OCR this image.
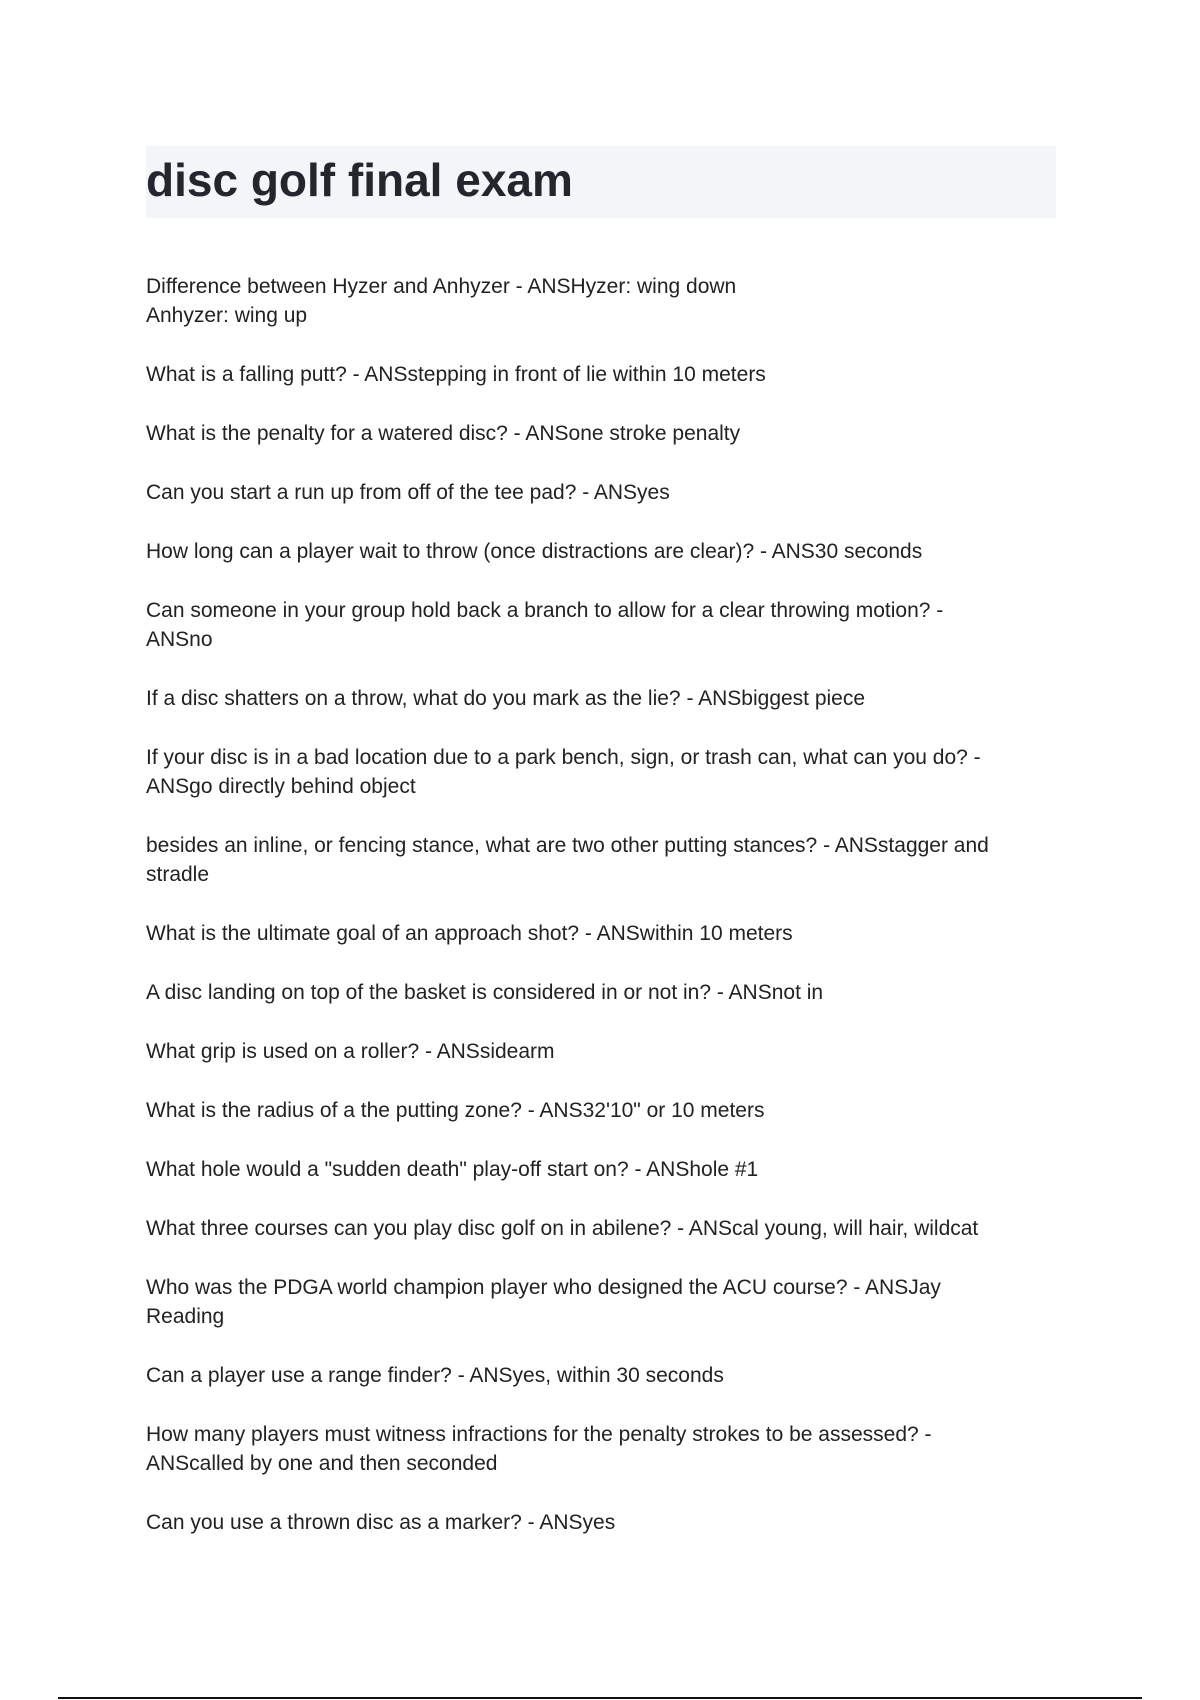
disc golf final exam
Difference between Hyzer and Anhyzer - ANSHyzer: wing down
Anhyzer: wing up
What is a falling putt? - ANSstepping in front of lie within 10 meters
What is the penalty for a watered disc? - ANSone stroke penalty
Can you start a run up from off of the tee pad? - ANSyes
How long can a player wait to throw (once distractions are clear)? - ANS30 seconds
Can someone in your group hold back a branch to allow for a clear throwing motion? -
ANSno
If a disc shatters on a throw, what do you mark as the lie? - ANSbiggest piece
If your disc is in a bad location due to a park bench, sign, or trash can, what can you do? -
ANSgo directly behind object
besides an inline, or fencing stance, what are two other putting stances? - ANSstagger and
stradle
What is the ultimate goal of an approach shot? - ANSwithin 10 meters
A disc landing on top of the basket is considered in or not in? - ANSnot in
What grip is used on a roller? - ANSsidearm
What is the radius of a the putting zone? - ANS32'10" or 10 meters
What hole would a "sudden death" play-off start on? - ANShole #1
What three courses can you play disc golf on in abilene? - ANScal young, will hair, wildcat
Who was the PDGA world champion player who designed the ACU course? - ANSJay
Reading
Can a player use a range finder? - ANSyes, within 30 seconds
How many players must witness infractions for the penalty strokes to be assessed? -
ANScalled by one and then seconded
Can you use a thrown disc as a marker? - ANSyes
